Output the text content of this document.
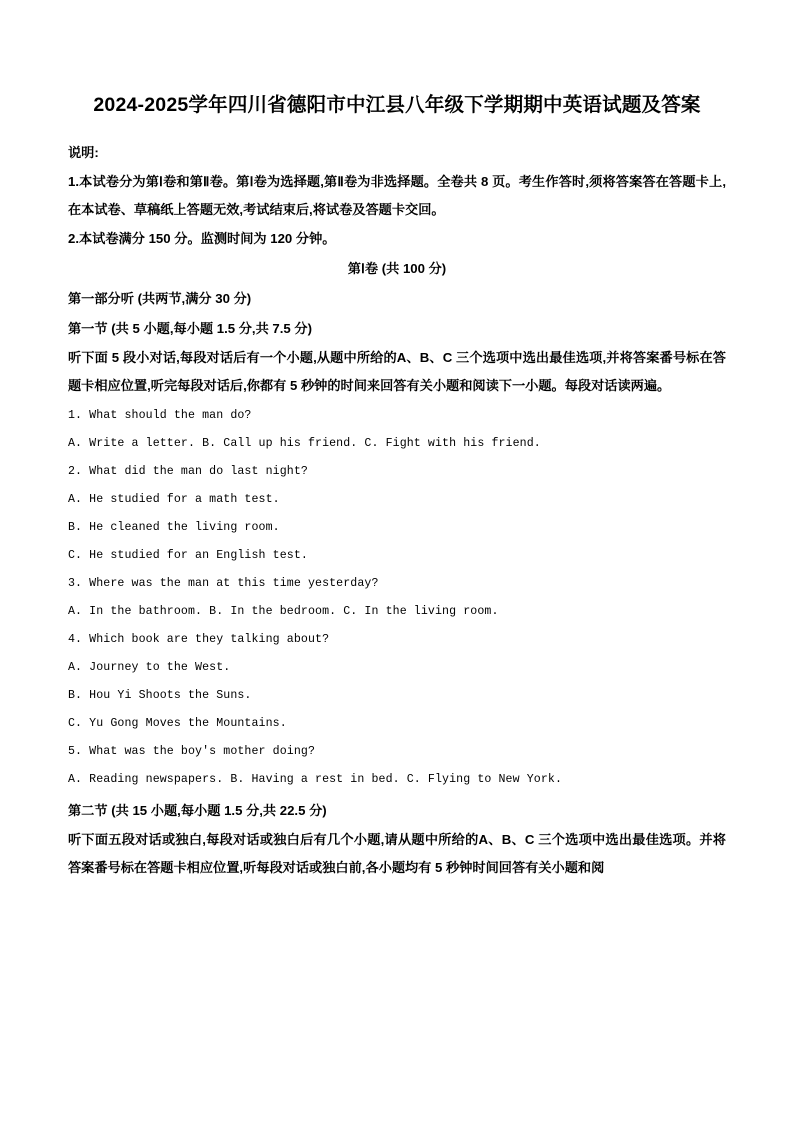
2024-2025学年四川省德阳市中江县八年级下学期期中英语试题及答案

说明:

1.本试卷分为第Ⅰ卷和第Ⅱ卷。第Ⅰ卷为选择题,第Ⅱ卷为非选择题。全卷共 8 页。考生作答时,须将答案答在答题卡上,在本试卷、草稿纸上答题无效,考试结束后,将试卷及答题卡交回。

2.本试卷满分 150 分。监测时间为 120 分钟。

第Ⅰ卷 (共 100 分)

第一部分听 (共两节,满分 30 分)

第一节 (共 5 小题,每小题 1.5 分,共 7.5 分)

听下面 5 段小对话,每段对话后有一个小题,从题中所给的A、B、C 三个选项中选出最佳选项,并将答案番号标在答题卡相应位置,听完每段对话后,你都有 5 秒钟的时间来回答有关小题和阅读下一小题。每段对话读两遍。

1. What should the man do?

A. Write a letter. B. Call up his friend. C. Fight with his friend.

2. What did the man do last night?

A. He studied for a math test.

B. He cleaned the living room.

C. He studied for an English test.

3. Where was the man at this time yesterday?

A. In the bathroom. B. In the bedroom. C. In the living room.

4. Which book are they talking about?

A. Journey to the West.

B. Hou Yi Shoots the Suns.

C. Yu Gong Moves the Mountains.

5. What was the boy's mother doing?

A. Reading newspapers. B. Having a rest in bed. C. Flying to New York.

第二节 (共 15 小题,每小题 1.5 分,共 22.5 分)

听下面五段对话或独白,每段对话或独白后有几个小题,请从题中所给的A、B、C 三个选项中选出最佳选项。并将答案番号标在答题卡相应位置,听每段对话或独白前,各小题均有 5 秒钟时间回答有关小题和阅
